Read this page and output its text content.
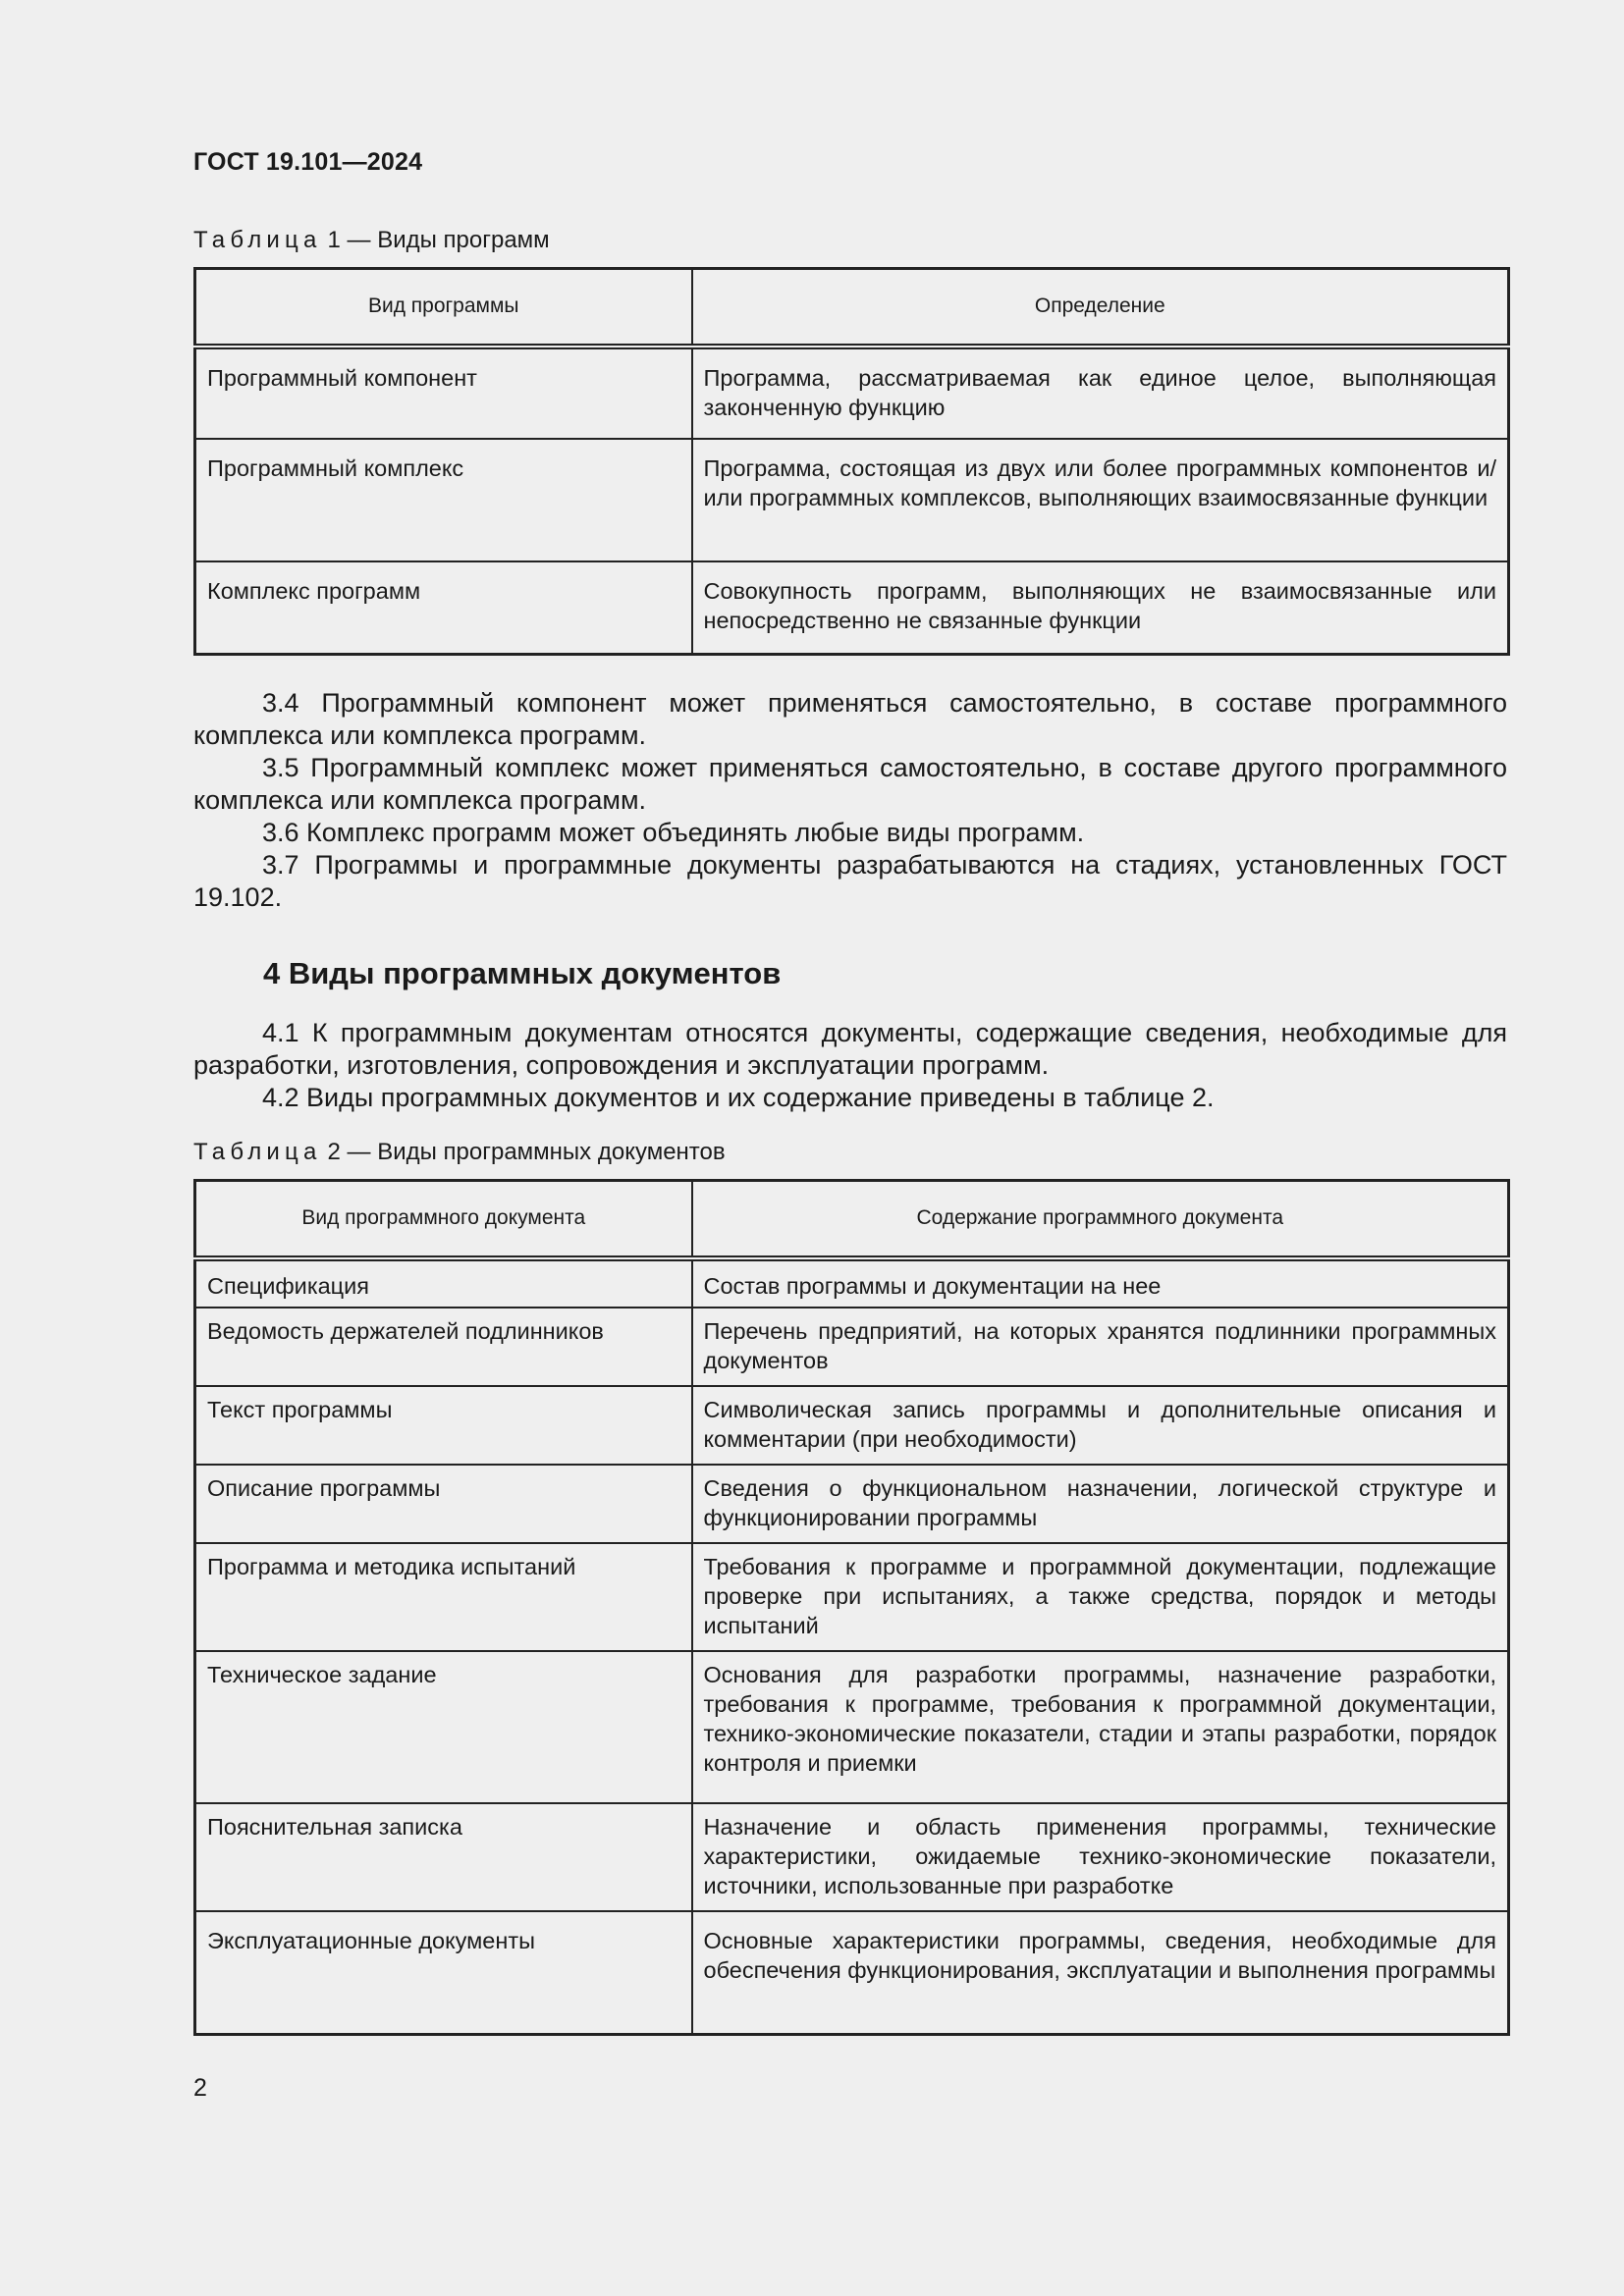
ГОСТ 19.101—2024
Таблица 1 — Виды программ
Вид программы	Определение
Программный компонент	Программа, рассматриваемая как единое целое, выполняющая законченную функцию
Программный комплекс	Программа, состоящая из двух или более программных компонентов и/или программных комплексов, выполняющих взаимосвязанные функции
Комплекс программ	Совокупность программ, выполняющих не взаимосвязанные или непосредственно не связанные функции

3.4 Программный компонент может применяться самостоятельно, в составе программного комплекса или комплекса программ.

3.5 Программный комплекс может применяться самостоятельно, в составе другого программного комплекса или комплекса программ.

3.6 Комплекс программ может объединять любые виды программ.

3.7 Программы и программные документы разрабатываются на стадиях, установленных ГОСТ 19.102.

4 Виды программных документов

4.1 К программным документам относятся документы, содержащие сведения, необходимые для разработки, изготовления, сопровождения и эксплуатации программ.

4.2 Виды программных документов и их содержание приведены в таблице 2.

Таблица 2 — Виды программных документов
Вид программного документа	Содержание программного документа
Спецификация	Состав программы и документации на нее
Ведомость держателей подлинников	Перечень предприятий, на которых хранятся подлинники программных документов
Текст программы	Символическая запись программы и дополнительные описания и комментарии (при необходимости)
Описание программы	Сведения о функциональном назначении, логической структуре и функционировании программы
Программа и методика испытаний	Требования к программе и программной документации, подлежащие проверке при испытаниях, а также средства, порядок и методы испытаний
Техническое задание	Основания для разработки программы, назначение разработки, требования к программе, требования к программной документации, технико-экономические показатели, стадии и этапы разработки, порядок контроля и приемки
Пояснительная записка	Назначение и область применения программы, технические характеристики, ожидаемые технико-экономические показатели, источники, использованные при разработке
Эксплуатационные документы	Основные характеристики программы, сведения, необходимые для обеспечения функционирования, эксплуатации и выполнения программы
2
